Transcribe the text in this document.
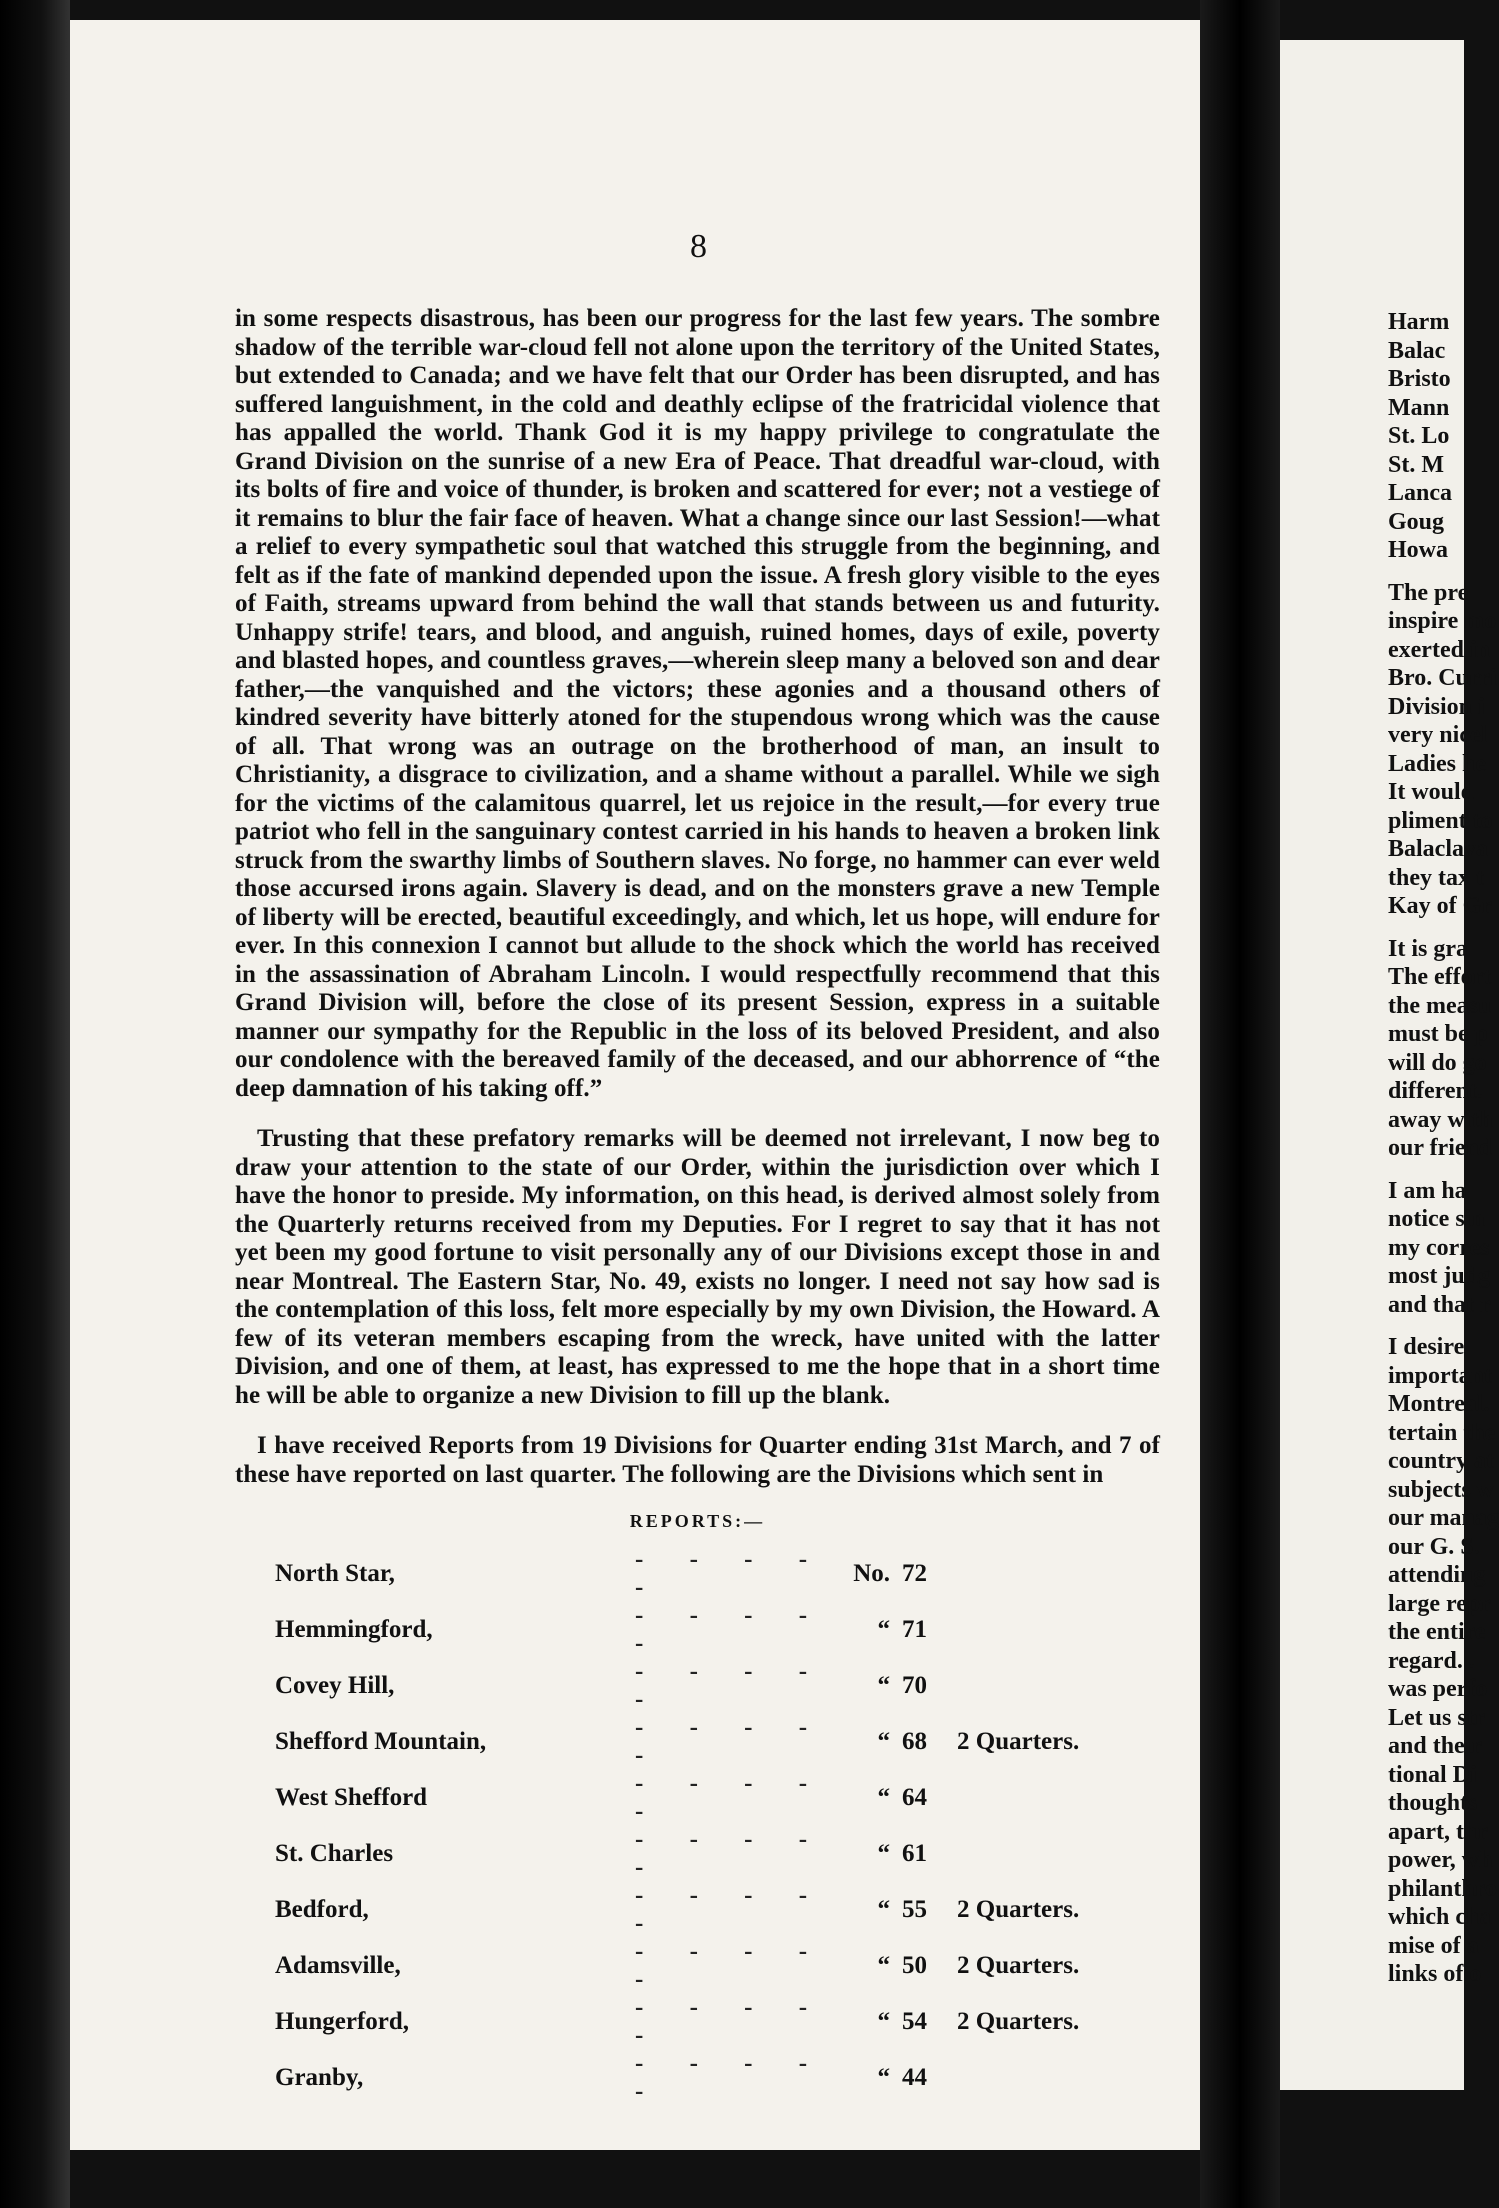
8

in some respects disastrous, has been our progress for the last few years. The sombre shadow of the terrible war-cloud fell not alone upon the territory of the United States, but extended to Canada; and we have felt that our Order has been disrupted, and has suffered languishment, in the cold and deathly eclipse of the fratricidal violence that has appalled the world. Thank God it is my happy privilege to congratulate the Grand Division on the sunrise of a new Era of Peace. That dreadful war-cloud, with its bolts of fire and voice of thunder, is broken and scattered for ever; not a vestiege of it remains to blur the fair face of heaven. What a change since our last Session!—what a relief to every sympathetic soul that watched this struggle from the beginning, and felt as if the fate of mankind depended upon the issue. A fresh glory visible to the eyes of Faith, streams upward from behind the wall that stands between us and futurity. Unhappy strife! tears, and blood, and anguish, ruined homes, days of exile, poverty and blasted hopes, and countless graves,—wherein sleep many a beloved son and dear father,—the vanquished and the victors; these agonies and a thousand others of kindred severity have bitterly atoned for the stupendous wrong which was the cause of all. That wrong was an outrage on the brotherhood of man, an insult to Christianity, a disgrace to civilization, and a shame without a parallel. While we sigh for the victims of the calamitous quarrel, let us rejoice in the result,—for every true patriot who fell in the sanguinary contest carried in his hands to heaven a broken link struck from the swarthy limbs of Southern slaves. No forge, no hammer can ever weld those accursed irons again. Slavery is dead, and on the monsters grave a new Temple of liberty will be erected, beautiful exceedingly, and which, let us hope, will endure for ever. In this connexion I cannot but allude to the shock which the world has received in the assassination of Abraham Lincoln. I would respectfully recommend that this Grand Division will, before the close of its present Session, express in a suitable manner our sympathy for the Republic in the loss of its beloved President, and also our condolence with the bereaved family of the deceased, and our abhorrence of “the deep damnation of his taking off.”

Trusting that these prefatory remarks will be deemed not irrelevant, I now beg to draw your attention to the state of our Order, within the jurisdiction over which I have the honor to preside. My information, on this head, is derived almost solely from the Quarterly returns received from my Deputies. For I regret to say that it has not yet been my good fortune to visit personally any of our Divisions except those in and near Montreal. The Eastern Star, No. 49, exists no longer. I need not say how sad is the contemplation of this loss, felt more especially by my own Division, the Howard. A few of its veteran members escaping from the wreck, have united with the latter Division, and one of them, at least, has expressed to me the hope that in a short time he will be able to organize a new Division to fill up the blank.

I have received Reports from 19 Divisions for Quarter ending 31st March, and 7 of these have reported on last quarter. The following are the Divisions which sent in

REPORTS:—
North Star,	- - - - -	No.	72	
Hemmingford,	- - - - -	“	71	
Covey Hill,	- - - - -	“	70	
Shefford Mountain,	- - - - -	“	68	2 Quarters.
West Shefford	- - - - -	“	64	
St. Charles	- - - - -	“	61	
Bedford,	- - - - -	“	55	2 Quarters.
Adamsville,	- - - - -	“	50	2 Quarters.
Hungerford,	- - - - -	“	54	2 Quarters.
Granby,	- - - - -	“	44	
Harm
Balac
Bristo
Mann
St. Lo
St. M
Lanca
Goug
Howa
The pre
inspire mo
exerted in
Bro. Curri
Division i
very nicel
Ladies he
It would
pliment to
Balaclava
they tax t
Kay of Gr
It is gra
The effort
the measu
must be p
will do go
different.
away with
our friend
I am ha
notice sin
my corres
most judg
and that r
I desire
important
Montreal.
tertain the
country at
subjects w
our manag
our G. S.
attending
large repr
the entire
regard. .
was perfo
Let us str
and their
tional Di
thoughts
apart, thr
power, wh
philanthro
which cha
mise of a
links of o
